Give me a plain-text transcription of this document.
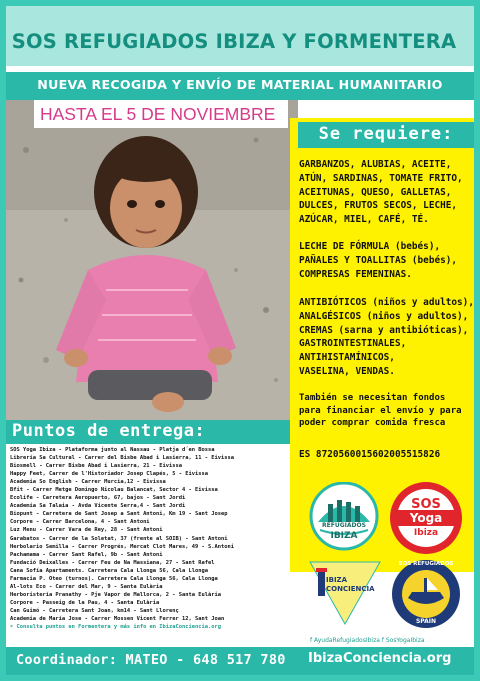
SOS REFUGIADOS IBIZA Y FORMENTERA
NUEVA RECOGIDA Y ENVÍO DE MATERIAL HUMANITARIO
HASTA EL 5 DE NOVIEMBRE
Se requiere:
GARBANZOS, ALUBIAS, ACEITE,
ATÚN, SARDINAS, TOMATE FRITO,
ACEITUNAS, QUESO, GALLETAS,
DULCES, FRUTOS SECOS, LECHE,
AZÚCAR, MIEL, CAFÉ, TÉ.
LECHE DE FÓRMULA (bebés),
PAÑALES Y TOALLITAS (bebés),
COMPRESAS FEMENINAS.
ANTIBIÓTICOS (niños y adultos),
ANALGÉSICOS (niños y adultos),
CREMAS (sarna y antibióticas),
GASTROINTESTINALES,
ANTIHISTAMÍNICOS,
VASELINA, VENDAS.
También se necesitan fondos
para financiar el envío y para
poder comprar comida fresca
ES 8720560015602005515826
Puntos de entrega:
SOS Yoga Ibiza - Plataforma junto al Nassau - Platja d´en Bossa
Librería Sa Cultural - Carrer del Bisbe Abad i Lasierra, 11 - Eivissa
Biosmell - Carrer Bisbe Abad i Lasierra, 21 - Eivissa
Happy Feet, Carrer de l'Historiador Josep Clapés, 5 - Eivissa
Academia So English - Carrer Murcia,12 - Eivissa
Bfit - Carrer Metge Domingo Nicolau Balancat, Sector 4 - Eivissa
Ecolife - Carretera Aeropuerto, 67, bajos - Sant Jordi
Academia Sa Talaia - Avda Vicente Serra,4 - Sant Jordi
Biopunt - Carretera de Sant Josep a Sant Antoni, Km 19 - Sant Josep
Corpore - Carrer Barcelona, 4 - Sant Antoni
Luz Menu - Carrer Vara de Rey, 28 - Sant Antoni
Garabatos - Carrer de la Soletat, 37 (frente al SOIB) - Sant Antoni
Herbolario Semilla - Carrer Progrés, Mercat Clot Mares, 49 - S.Antoni
Pachamama - Carrer Sant Rafel, 9b - Sant Antoni
Fundació Deixalles - Carrer Feu de Na Massiana, 27 - Sant Rafel
Cana Sofía Apartaments. Carretera Cala Llonga 56, Cala Llonga
Farmacia P. Oteo (turnos). Carretera Cala Llonga 56, Cala Llonga
Al-lots Eco - Carrer del Mar, 9 - Santa Eulària
Herboristería Pranathy - Pje Vapor de Mallorca, 2 - Santa Eulària
Corpore - Passeig de la Pau, 4 - Santa Eulària
Can Guimó - Carretera Sant Joan, km14 - Sant Llorenç
Academia de María Jose - Carrer Mossen Vicent Ferrer 12, Sant Joan
➤ Consulta puntos en Formentera y más info en IbizaConciencia.org
REFUGIADOS
IBIZA
SOS
Yoga
Ibiza
IBIZA
CONCIENCIA
SOS REFUGIADOS
SPAIN
f AyudaRefugiadosIbiza f SosYogaIbiza
Coordinador: MATEO - 648 517 780 IbizaConciencia.org
